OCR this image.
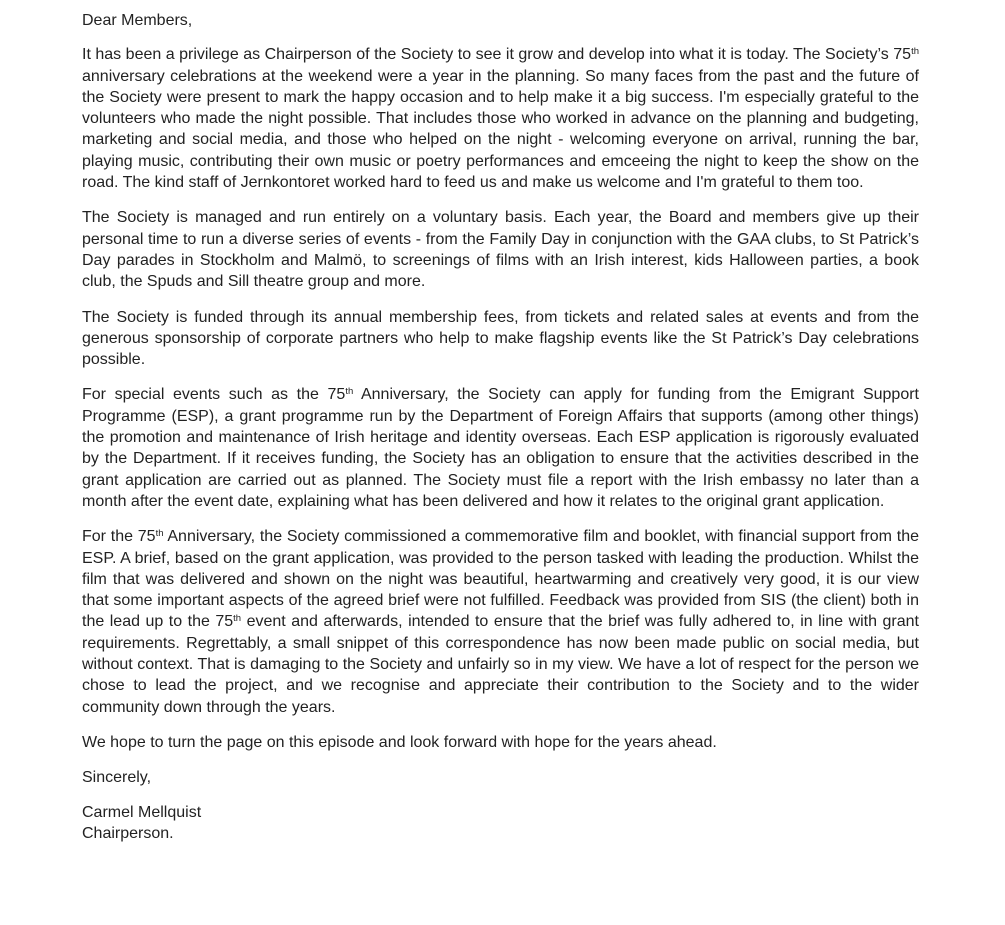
Dear Members,

It has been a privilege as Chairperson of the Society to see it grow and develop into what it is today. The Society’s 75th anniversary celebrations at the weekend were a year in the planning. So many faces from the past and the future of the Society were present to mark the happy occasion and to help make it a big success. I'm especially grateful to the volunteers who made the night possible. That includes those who worked in advance on the planning and budgeting, marketing and social media, and those who helped on the night - welcoming everyone on arrival, running the bar, playing music, contributing their own music or poetry performances and emceeing the night to keep the show on the road. The kind staff of Jernkontoret worked hard to feed us and make us welcome and I'm grateful to them too.

The Society is managed and run entirely on a voluntary basis. Each year, the Board and members give up their personal time to run a diverse series of events - from the Family Day in conjunction with the GAA clubs, to St Patrick’s Day parades in Stockholm and Malmö, to screenings of films with an Irish interest, kids Halloween parties, a book club, the Spuds and Sill theatre group and more.

The Society is funded through its annual membership fees, from tickets and related sales at events and from the generous sponsorship of corporate partners who help to make flagship events like the St Patrick’s Day celebrations possible.

For special events such as the 75th Anniversary, the Society can apply for funding from the Emigrant Support Programme (ESP), a grant programme run by the Department of Foreign Affairs that supports (among other things) the promotion and maintenance of Irish heritage and identity overseas. Each ESP application is rigorously evaluated by the Department. If it receives funding, the Society has an obligation to ensure that the activities described in the grant application are carried out as planned. The Society must file a report with the Irish embassy no later than a month after the event date, explaining what has been delivered and how it relates to the original grant application.

For the 75th Anniversary, the Society commissioned a commemorative film and booklet, with financial support from the ESP. A brief, based on the grant application, was provided to the person tasked with leading the production. Whilst the film that was delivered and shown on the night was beautiful, heartwarming and creatively very good, it is our view that some important aspects of the agreed brief were not fulfilled. Feedback was provided from SIS (the client) both in the lead up to the 75th event and afterwards, intended to ensure that the brief was fully adhered to, in line with grant requirements. Regrettably, a small snippet of this correspondence has now been made public on social media, but without context. That is damaging to the Society and unfairly so in my view. We have a lot of respect for the person we chose to lead the project, and we recognise and appreciate their contribution to the Society and to the wider community down through the years.

We hope to turn the page on this episode and look forward with hope for the years ahead.

Sincerely,

Carmel Mellquist
Chairperson.
